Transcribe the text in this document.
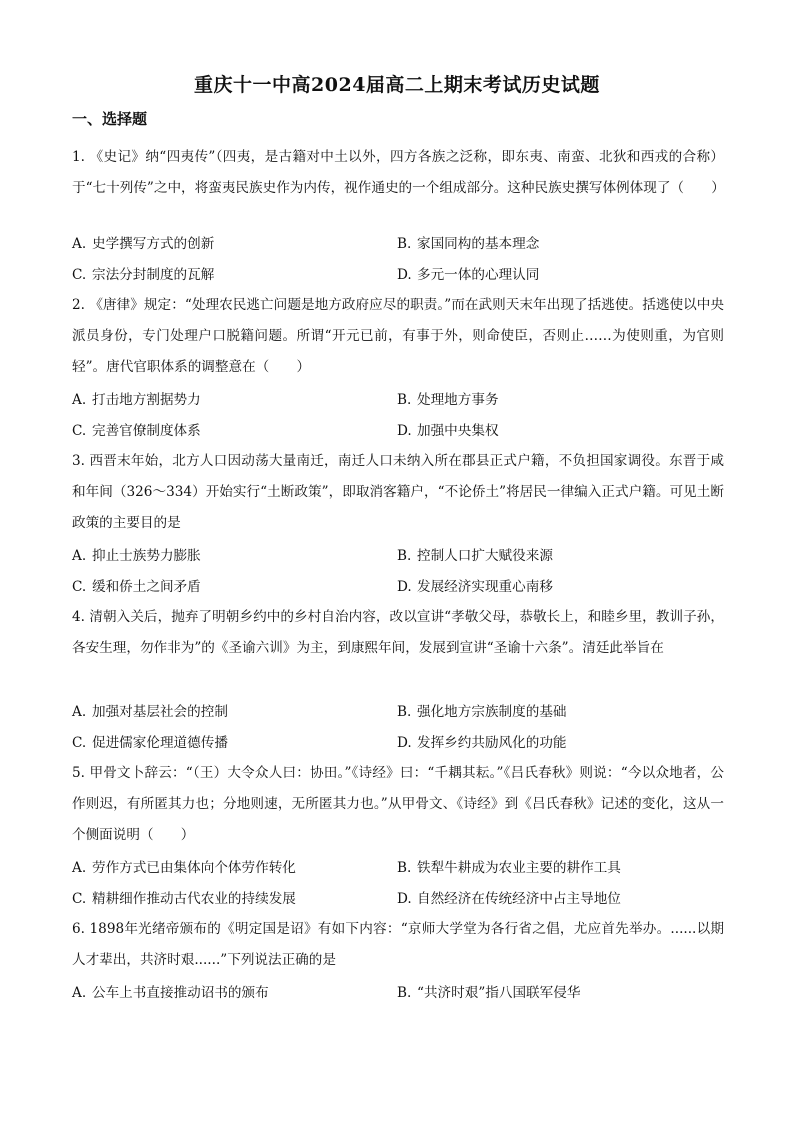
重庆十一中高2024届高二上期末考试历史试题
一、选择题
1. 《史记》纳“四夷传”（四夷，是古籍对中土以外，四方各族之泛称，即东夷、南蛮、北狄和西戎的合称）于“七十列传”之中，将蛮夷民族史作为内传，视作通史的一个组成部分。这种民族史撰写体例体现了（　　）
A. 史学撰写方式的创新	B. 家国同构的基本理念
C. 宗法分封制度的瓦解	D. 多元一体的心理认同
2. 《唐律》规定：“处理农民逃亡问题是地方政府应尽的职责。”而在武则天末年出现了括逃使。括逃使以中央派员身份，专门处理户口脱籍问题。所谓“开元已前，有事于外，则命使臣，否则止……为使则重，为官则轻”。唐代官职体系的调整意在（　　）
A. 打击地方割据势力	B. 处理地方事务
C. 完善官僚制度体系	D. 加强中央集权
3. 西晋末年始，北方人口因动荡大量南迁，南迁人口未纳入所在郡县正式户籍，不负担国家调役。东晋于咸和年间（326～334）开始实行“土断政策”，即取消客籍户，“不论侨土”将居民一律编入正式户籍。可见土断政策的主要目的是
A. 抑止士族势力膨胀	B. 控制人口扩大赋役来源
C. 缓和侨土之间矛盾	D. 发展经济实现重心南移
4. 清朝入关后，抛弃了明朝乡约中的乡村自治内容，改以宣讲“孝敬父母，恭敬长上，和睦乡里，教训子孙，各安生理，勿作非为”的《圣谕六训》为主，到康熙年间，发展到宣讲“圣谕十六条”。清廷此举旨在
A. 加强对基层社会的控制	B. 强化地方宗族制度的基础
C. 促进儒家伦理道德传播	D. 发挥乡约共励风化的功能
5. 甲骨文卜辞云：“（王）大令众人曰：协田。”《诗经》曰：“千耦其耘。”《吕氏春秋》则说：“今以众地者，公作则迟，有所匿其力也；分地则速，无所匿其力也。”从甲骨文、《诗经》到《吕氏春秋》记述的变化，这从一个侧面说明（　　）
A. 劳作方式已由集体向个体劳作转化	B. 铁犁牛耕成为农业主要的耕作工具
C. 精耕细作推动古代农业的持续发展	D. 自然经济在传统经济中占主导地位
6. 1898年光绪帝颁布的《明定国是诏》有如下内容：“京师大学堂为各行省之倡，尤应首先举办。......以期人才辈出，共济时艰......”下列说法正确的是
A. 公车上书直接推动诏书的颁布	B. “共济时艰”指八国联军侵华
